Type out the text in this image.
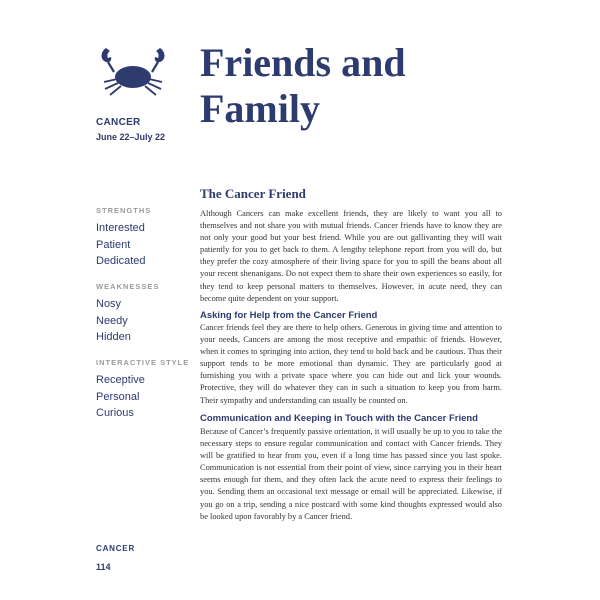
CANCER
June 22–July 22
STRENGTHS
Interested
Patient
Dedicated
WEAKNESSES
Nosy
Needy
Hidden
INTERACTIVE STYLE
Receptive
Personal
Curious
CANCER
114
Friends and Family
The Cancer Friend

Although Cancers can make excellent friends, they are likely to want you all to themselves and not share you with mutual friends. Cancer friends have to know they are not only your good but your best friend. While you are out gallivanting they will wait patiently for you to get back to them. A lengthy telephone report from you will do, but they prefer the cozy atmosphere of their living space for you to spill the beans about all your recent shenanigans. Do not expect them to share their own experiences so easily, for they tend to keep personal matters to themselves. However, in acute need, they can become quite dependent on your support.

Asking for Help from the Cancer Friend

Cancer friends feel they are there to help others. Generous in giving time and attention to your needs, Cancers are among the most receptive and empathic of friends. However, when it comes to springing into action, they tend to hold back and be cautious. Thus their support tends to be more emotional than dynamic. They are particularly good at furnishing you with a private space where you can hide out and lick your wounds. Protective, they will do whatever they can in such a situation to keep you from harm. Their sympathy and understanding can usually be counted on.

Communication and Keeping in Touch with the Cancer Friend

Because of Cancer’s frequently passive orientation, it will usually be up to you to take the necessary steps to ensure regular communication and contact with Cancer friends. They will be gratified to hear from you, even if a long time has passed since you last spoke. Communication is not essential from their point of view, since carrying you in their heart seems enough for them, and they often lack the acute need to express their feelings to you. Sending them an occasional text message or email will be appreciated. Likewise, if you go on a trip, sending a nice postcard with some kind thoughts expressed would also be looked upon favorably by a Cancer friend.
